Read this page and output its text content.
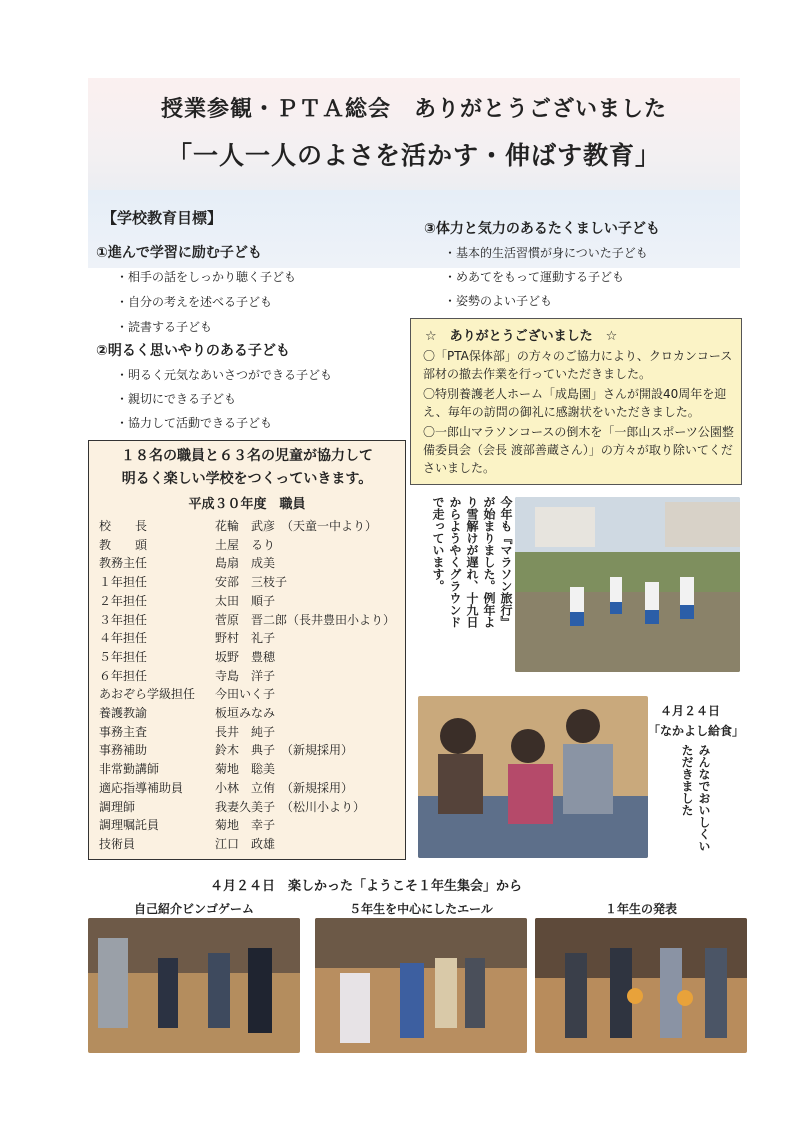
授業参観・ＰＴＡ総会　ありがとうございました
「一人一人のよさを活かす・伸ばす教育」
【学校教育目標】
①進んで学習に励む子ども
・相手の話をしっかり聴く子ども
・自分の考えを述べる子ども
・読書する子ども
②明るく思いやりのある子ども
・明るく元気なあいさつができる子ども
・親切にできる子ども
・協力して活動できる子ども
③体力と気力のあるたくましい子ども
・基本的生活習慣が身についた子ども
・めあてをもって運動する子ども
・姿勢のよい子ども
☆　ありがとうございました　☆
〇「PTA保体部」の方々のご協力により、クロカンコース部材の撤去作業を行っていただきました。
〇特別養護老人ホーム「成島園」さんが開設40周年を迎え、毎年の訪問の御礼に感謝状をいただきました。
〇一郎山マラソンコースの倒木を「一郎山スポーツ公園整備委員会（会長 渡部善蔵さん）」の方々が取り除いてくださいました。
１８名の職員と６３名の児童が協力して
明るく楽しい学校をつくっていきます。
平成３０年度　職員
校　　長	花輪　武彦 （天童一中より）
教　　頭	土屋　るり
教務主任	島扇　成美
１年担任	安部　三枝子
２年担任	太田　順子
３年担任	菅原　晋二郎（長井豊田小より）
４年担任	野村　礼子
５年担任	坂野　豊穂
６年担任	寺島　洋子
あおぞら学級担任 今田いく子
養護教諭	板垣みなみ
事務主査	長井　純子
事務補助	鈴木　典子 （新規採用）
非常勤講師	菊地　聡美
適応指導補助員	小林　立侑 （新規採用）
調理師	我妻久美子 （松川小より）
調理嘱託員	菊地　幸子
技術員	江口　政雄
今年も『マラソン旅行』が始まりました。例年より雪解けが遅れ、十九日からようやくグラウンドで走っています。
４月２４日
「なかよし給食」
みんなでおいしくいただきました
４月２４日　楽しかった「ようこそ１年生集会」から
自己紹介ビンゴゲーム	５年生を中心にしたエール	１年生の発表
